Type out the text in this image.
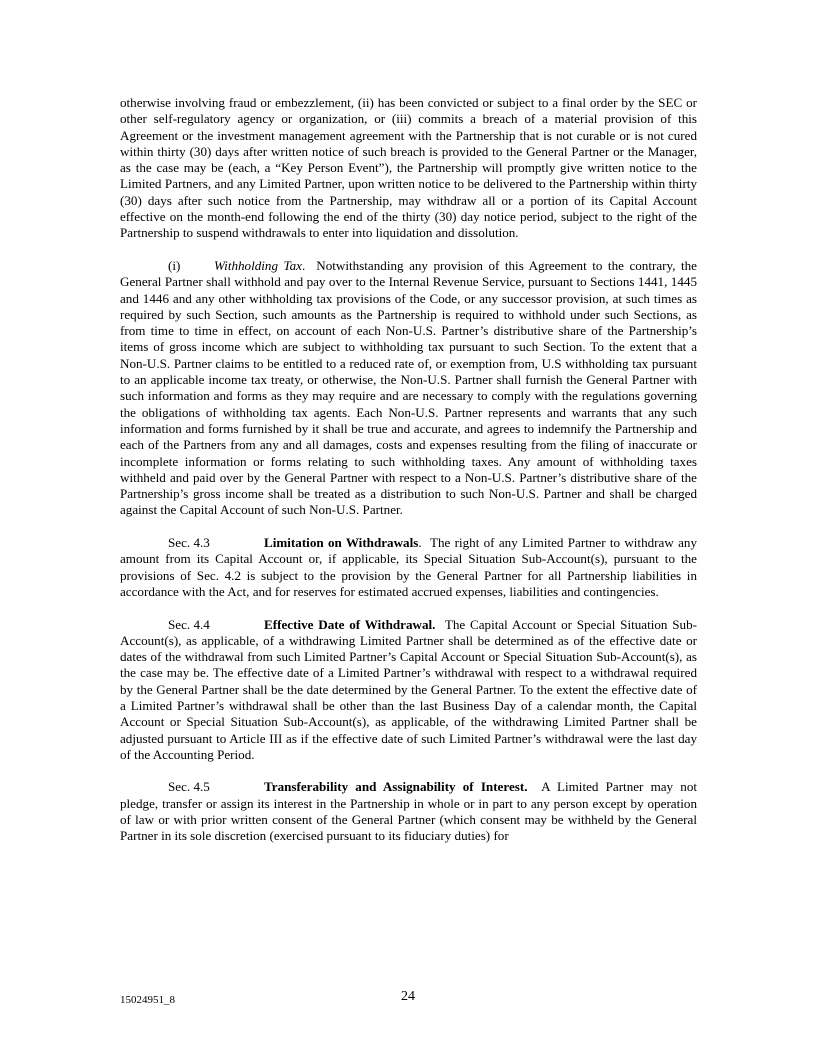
otherwise involving fraud or embezzlement, (ii) has been convicted or subject to a final order by the SEC or other self-regulatory agency or organization, or (iii) commits a breach of a material provision of this Agreement or the investment management agreement with the Partnership that is not curable or is not cured within thirty (30) days after written notice of such breach is provided to the General Partner or the Manager, as the case may be (each, a “Key Person Event”), the Partnership will promptly give written notice to the Limited Partners, and any Limited Partner, upon written notice to be delivered to the Partnership within thirty (30) days after such notice from the Partnership, may withdraw all or a portion of its Capital Account effective on the month-end following the end of the thirty (30) day notice period, subject to the right of the Partnership to suspend withdrawals to enter into liquidation and dissolution.

(i)	Withholding Tax.  Notwithstanding any provision of this Agreement to the contrary, the General Partner shall withhold and pay over to the Internal Revenue Service, pursuant to Sections 1441, 1445 and 1446 and any other withholding tax provisions of the Code, or any successor provision, at such times as required by such Section, such amounts as the Partnership is required to withhold under such Sections, as from time to time in effect, on account of each Non-U.S. Partner’s distributive share of the Partnership’s items of gross income which are subject to withholding tax pursuant to such Section. To the extent that a Non-U.S. Partner claims to be entitled to a reduced rate of, or exemption from, U.S withholding tax pursuant to an applicable income tax treaty, or otherwise, the Non-U.S. Partner shall furnish the General Partner with such information and forms as they may require and are necessary to comply with the regulations governing the obligations of withholding tax agents. Each Non-U.S. Partner represents and warrants that any such information and forms furnished by it shall be true and accurate, and agrees to indemnify the Partnership and each of the Partners from any and all damages, costs and expenses resulting from the filing of inaccurate or incomplete information or forms relating to such withholding taxes. Any amount of withholding taxes withheld and paid over by the General Partner with respect to a Non-U.S. Partner’s distributive share of the Partnership’s gross income shall be treated as a distribution to such Non-U.S. Partner and shall be charged against the Capital Account of such Non-U.S. Partner.

Sec. 4.3	Limitation on Withdrawals.  The right of any Limited Partner to withdraw any amount from its Capital Account or, if applicable, its Special Situation Sub-Account(s), pursuant to the provisions of Sec. 4.2 is subject to the provision by the General Partner for all Partnership liabilities in accordance with the Act, and for reserves for estimated accrued expenses, liabilities and contingencies.

Sec. 4.4	Effective Date of Withdrawal. The Capital Account or Special Situation Sub-Account(s), as applicable, of a withdrawing Limited Partner shall be determined as of the effective date or dates of the withdrawal from such Limited Partner’s Capital Account or Special Situation Sub-Account(s), as the case may be. The effective date of a Limited Partner’s withdrawal with respect to a withdrawal required by the General Partner shall be the date determined by the General Partner. To the extent the effective date of a Limited Partner’s withdrawal shall be other than the last Business Day of a calendar month, the Capital Account or Special Situation Sub-Account(s), as applicable, of the withdrawing Limited Partner shall be adjusted pursuant to Article III as if the effective date of such Limited Partner’s withdrawal were the last day of the Accounting Period.

Sec. 4.5	Transferability and Assignability of Interest. A Limited Partner may not pledge, transfer or assign its interest in the Partnership in whole or in part to any person except by operation of law or with prior written consent of the General Partner (which consent may be withheld by the General Partner in its sole discretion (exercised pursuant to its fiduciary duties) for

15024951_8	24
